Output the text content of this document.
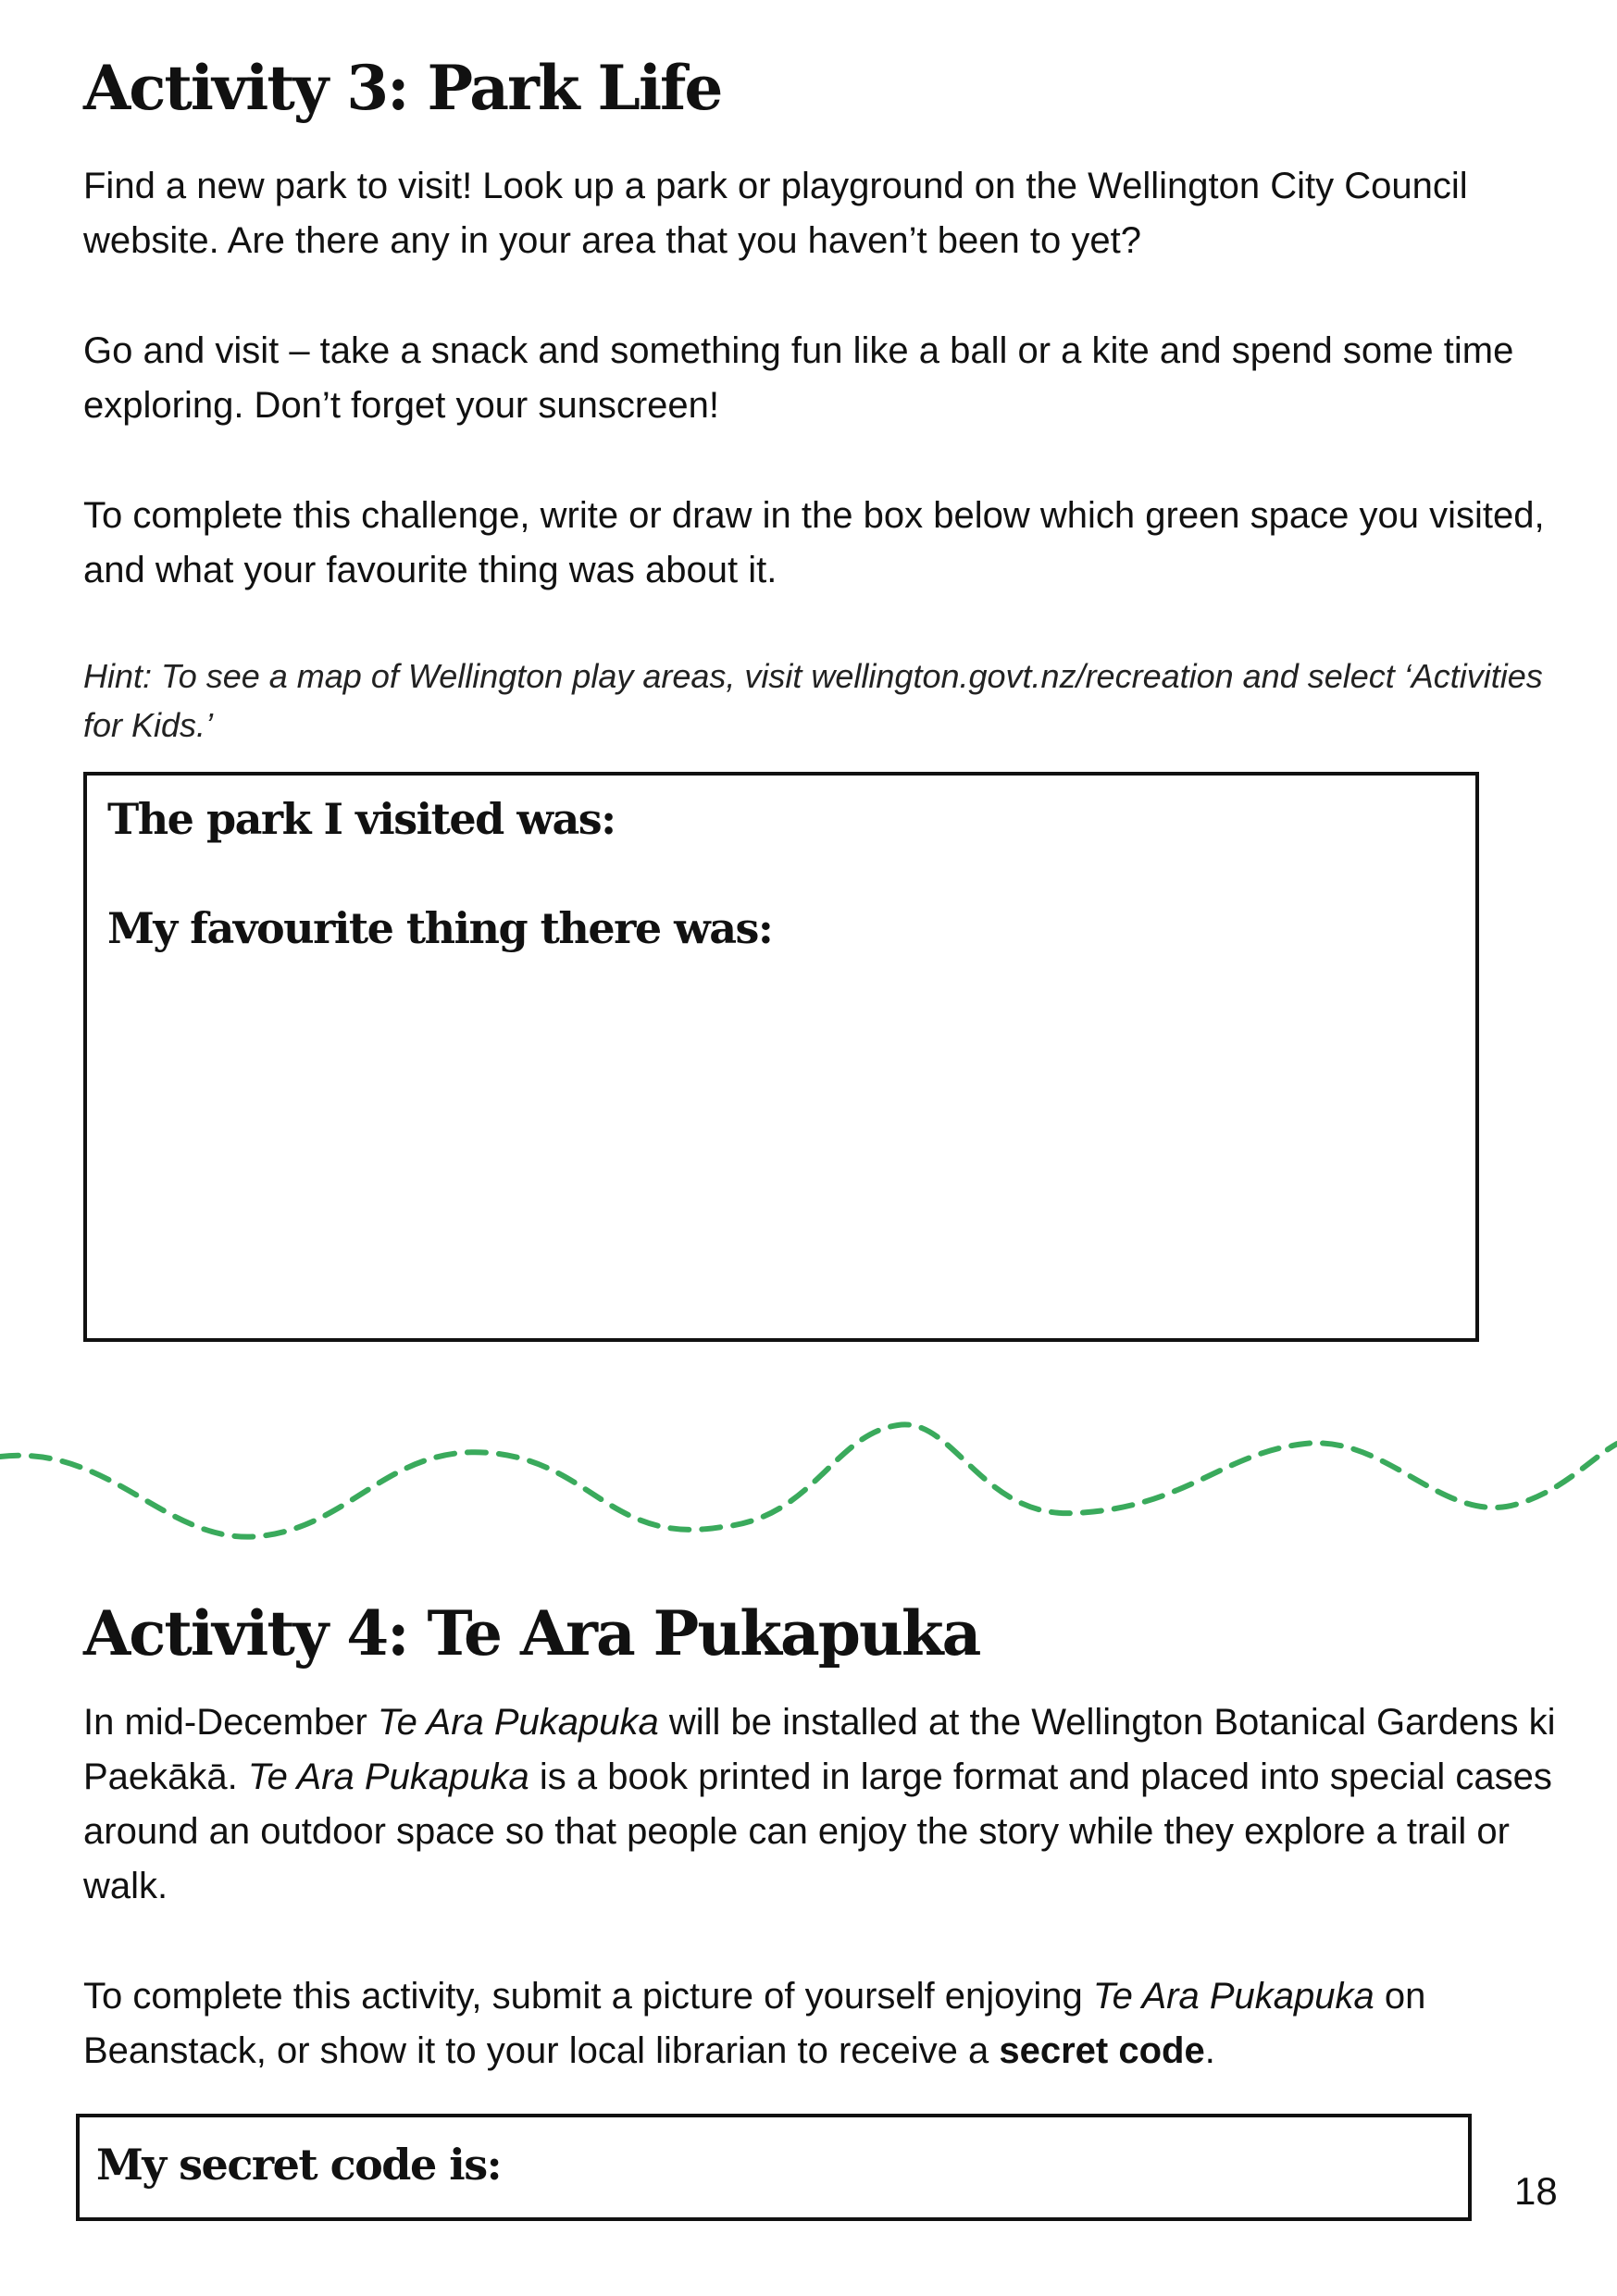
Activity 3: Park Life

Find a new park to visit! Look up a park or playground on the Wellington City Council website. Are there any in your area that you haven’t been to yet?

Go and visit – take a snack and something fun like a ball or a kite and spend some time exploring. Don’t forget your sunscreen!

To complete this challenge, write or draw in the box below which green space you visited, and what your favourite thing was about it.

Hint: To see a map of Wellington play areas, visit wellington.govt.nz/recreation and select ‘Activities for Kids.’

The park I visited was:
My favourite thing there was:
Activity 4: Te Ara Pukapuka

In mid-December Te Ara Pukapuka will be installed at the Wellington Botanical Gardens ki Paekākā. Te Ara Pukapuka is a book printed in large format and placed into special cases around an outdoor space so that people can enjoy the story while they explore a trail or walk.

To complete this activity, submit a picture of yourself enjoying Te Ara Pukapuka on Beanstack, or show it to your local librarian to receive a secret code.

My secret code is:
18
